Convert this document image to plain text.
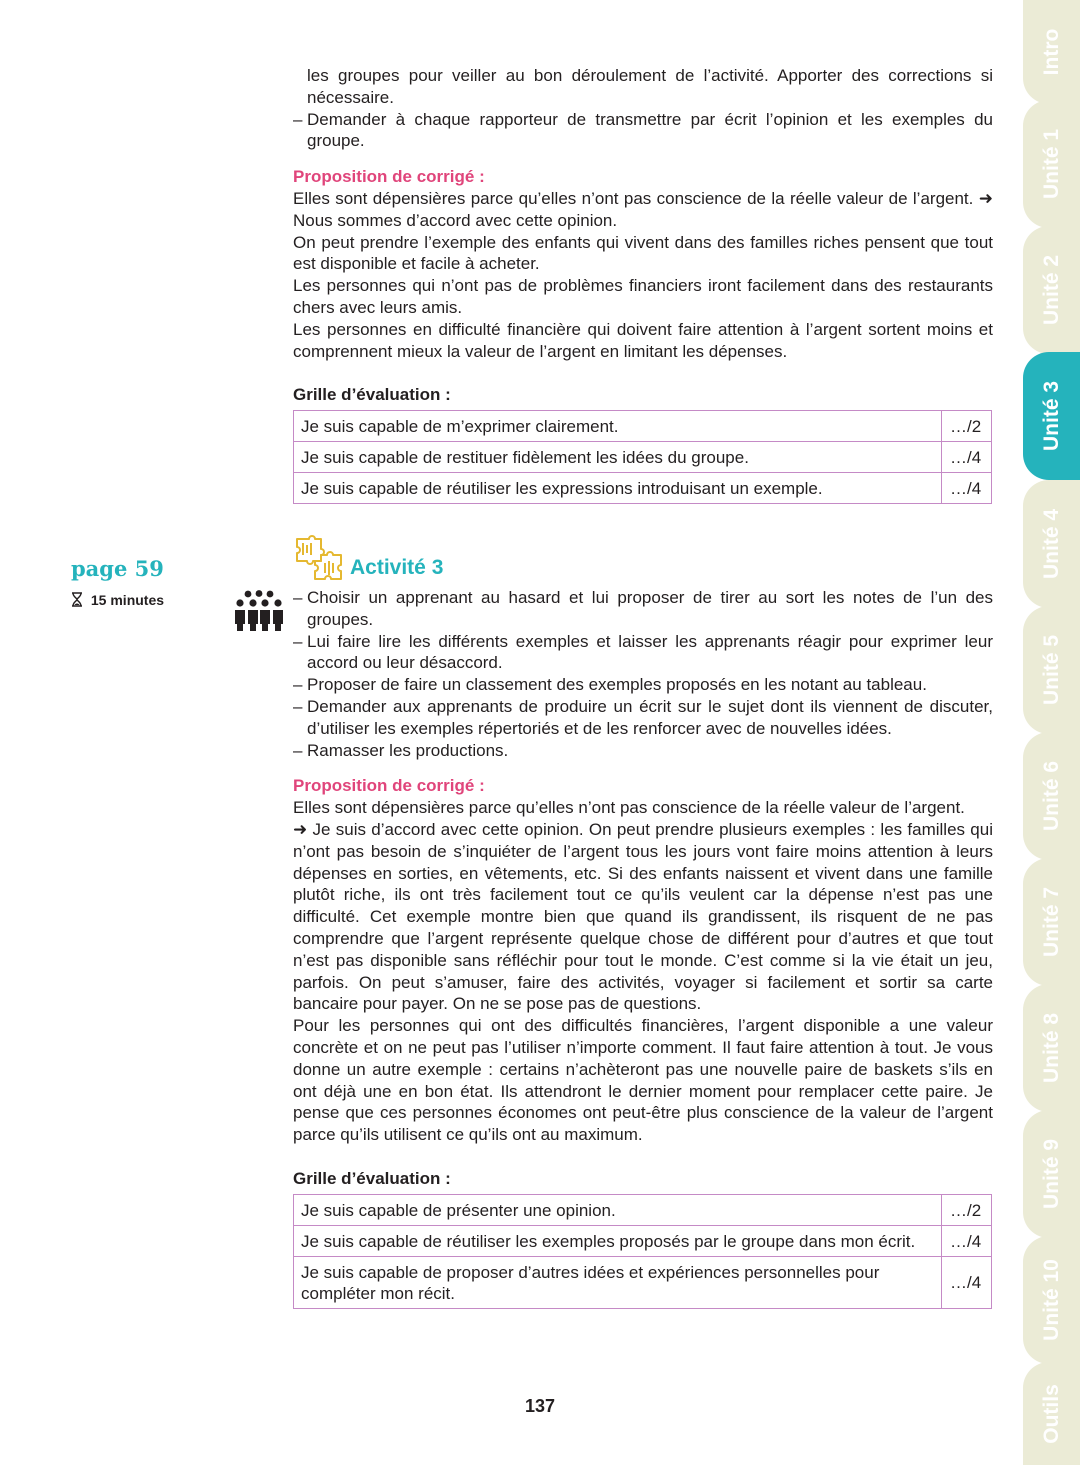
les groupes pour veiller au bon déroulement de l’activité. Apporter des corrections si nécessaire.
– Demander à chaque rapporteur de transmettre par écrit l’opinion et les exemples du groupe.
Proposition de corrigé :
Elles sont dépensières parce qu’elles n’ont pas conscience de la réelle valeur de l’argent. ➜ Nous sommes d’accord avec cette opinion.
On peut prendre l’exemple des enfants qui vivent dans des familles riches pensent que tout est disponible et facile à acheter.
Les personnes qui n’ont pas de problèmes financiers iront facilement dans des restaurants chers avec leurs amis.
Les personnes en difficulté financière qui doivent faire attention à l’argent sortent moins et comprennent mieux la valeur de l’argent en limitant les dépenses.
Grille d’évaluation :
Je suis capable de m’exprimer clairement.	…/2
Je suis capable de restituer fidèlement les idées du groupe.	…/4
Je suis capable de réutiliser les expressions introduisant un exemple.	…/4
page 59
15 minutes
Activité 3
– Choisir un apprenant au hasard et lui proposer de tirer au sort les notes de l’un des groupes.
– Lui faire lire les différents exemples et laisser les apprenants réagir pour exprimer leur accord ou leur désaccord.
– Proposer de faire un classement des exemples proposés en les notant au tableau.
– Demander aux apprenants de produire un écrit sur le sujet dont ils viennent de discuter, d’utiliser les exemples répertoriés et de les renforcer avec de nouvelles idées.
– Ramasser les productions.
Proposition de corrigé :
Elles sont dépensières parce qu’elles n’ont pas conscience de la réelle valeur de l’argent.
➜ Je suis d’accord avec cette opinion. On peut prendre plusieurs exemples : les familles qui n’ont pas besoin de s’inquiéter de l’argent tous les jours vont faire moins attention à leurs dépenses en sorties, en vêtements, etc. Si des enfants naissent et vivent dans une famille plutôt riche, ils ont très facilement tout ce qu’ils veulent car la dépense n’est pas une difficulté. Cet exemple montre bien que quand ils grandissent, ils risquent de ne pas comprendre que l’argent représente quelque chose de différent pour d’autres et que tout n’est pas disponible sans réfléchir pour tout le monde. C’est comme si la vie était un jeu, parfois. On peut s’amuser, faire des activités, voyager si facilement et sortir sa carte bancaire pour payer. On ne se pose pas de questions.
Pour les personnes qui ont des difficultés financières, l’argent disponible a une valeur concrète et on ne peut pas l’utiliser n’importe comment. Il faut faire attention à tout. Je vous donne un autre exemple : certains n’achèteront pas une nouvelle paire de baskets s’ils en ont déjà une en bon état. Ils attendront le dernier moment pour remplacer cette paire. Je pense que ces personnes économes ont peut-être plus conscience de la valeur de l’argent parce qu’ils utilisent ce qu’ils ont au maximum.
Grille d’évaluation :
Je suis capable de présenter une opinion.	…/2
Je suis capable de réutiliser les exemples proposés par le groupe dans mon écrit.	…/4
Je suis capable de proposer d’autres idées et expériences personnelles pour compléter mon récit.	…/4
137
Intro
Unité 1
Unité 2
Unité 3
Unité 4
Unité 5
Unité 6
Unité 7
Unité 8
Unité 9
Unité 10
Outils
